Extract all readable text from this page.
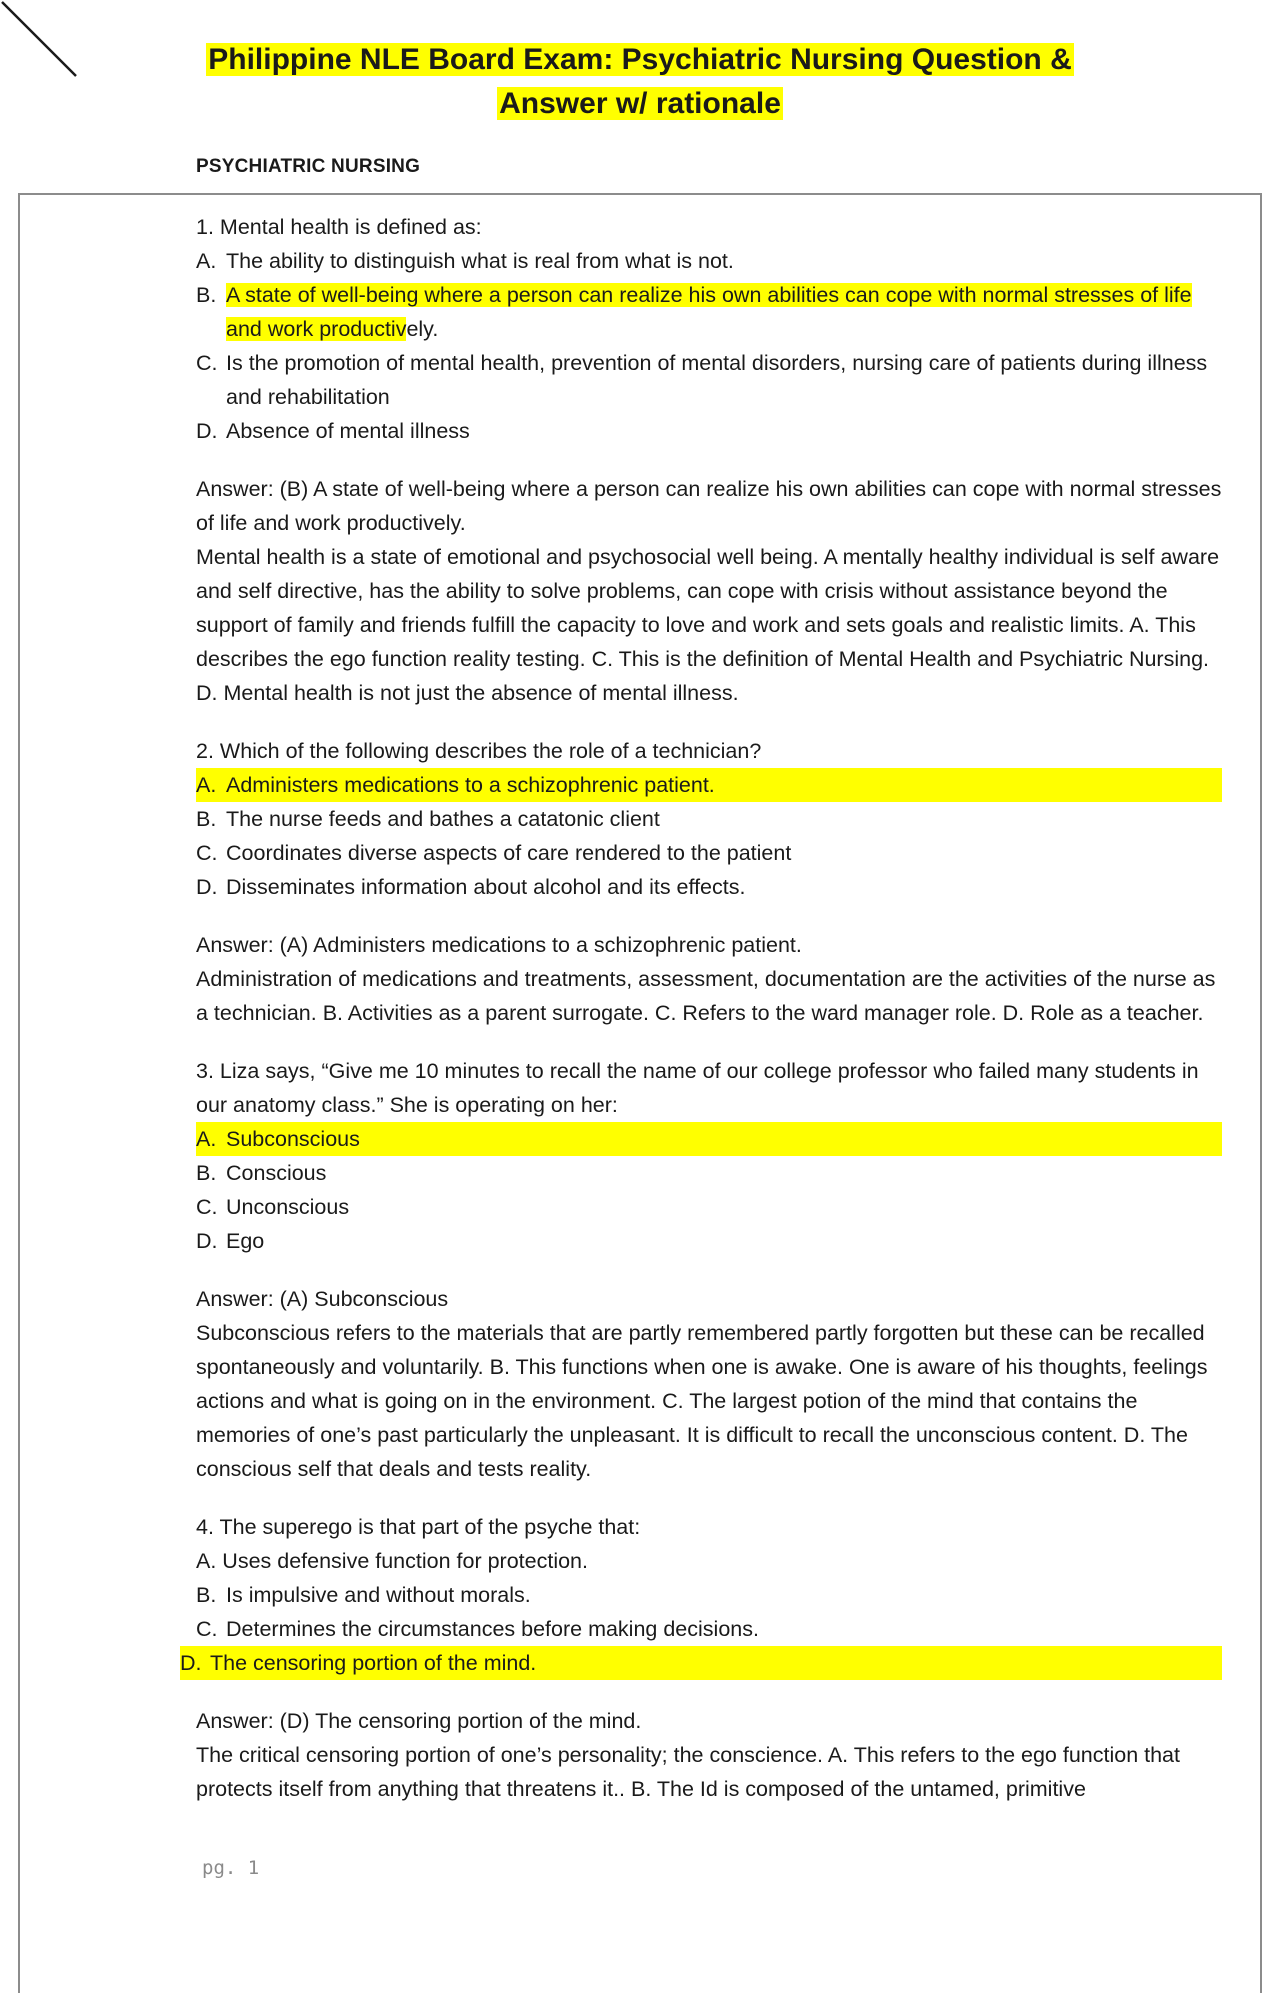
Philippine NLE Board Exam: Psychiatric Nursing Question &
Answer w/ rationale
PSYCHIATRIC NURSING

1. Mental health is defined as:

A. The ability to distinguish what is real from what is not.
B. A state of well-being where a person can realize his own abilities can cope with normal stresses of life and work productively.
C. Is the promotion of mental health, prevention of mental disorders, nursing care of patients during illness and rehabilitation
D. Absence of mental illness

Answer: (B) A state of well-being where a person can realize his own abilities can cope with normal stresses of life and work productively.

Mental health is a state of emotional and psychosocial well being. A mentally healthy individual is self aware and self directive, has the ability to solve problems, can cope with crisis without assistance beyond the support of family and friends fulfill the capacity to love and work and sets goals and realistic limits. A. This describes the ego function reality testing. C. This is the definition of Mental Health and Psychiatric Nursing. D. Mental health is not just the absence of mental illness.

2. Which of the following describes the role of a technician?

A. Administers medications to a schizophrenic patient.
B. The nurse feeds and bathes a catatonic client
C. Coordinates diverse aspects of care rendered to the patient
D. Disseminates information about alcohol and its effects.

Answer: (A) Administers medications to a schizophrenic patient.

Administration of medications and treatments, assessment, documentation are the activities of the nurse as a technician. B. Activities as a parent surrogate. C. Refers to the ward manager role. D. Role as a teacher.

3. Liza says, “Give me 10 minutes to recall the name of our college professor who failed many students in our anatomy class.” She is operating on her:

A. Subconscious
B. Conscious
C. Unconscious
D. Ego

Answer: (A) Subconscious

Subconscious refers to the materials that are partly remembered partly forgotten but these can be recalled spontaneously and voluntarily. B. This functions when one is awake. One is aware of his thoughts, feelings actions and what is going on in the environment. C. The largest potion of the mind that contains the memories of one’s past particularly the unpleasant. It is difficult to recall the unconscious content. D. The conscious self that deals and tests reality.

4. The superego is that part of the psyche that:

A. Uses defensive function for protection.

B. Is impulsive and without morals.
C. Determines the circumstances before making decisions.
D. The censoring portion of the mind.

Answer: (D) The censoring portion of the mind.

The critical censoring portion of one’s personality; the conscience. A. This refers to the ego function that protects itself from anything that threatens it.. B. The Id is composed of the untamed, primitive

pg. 1
